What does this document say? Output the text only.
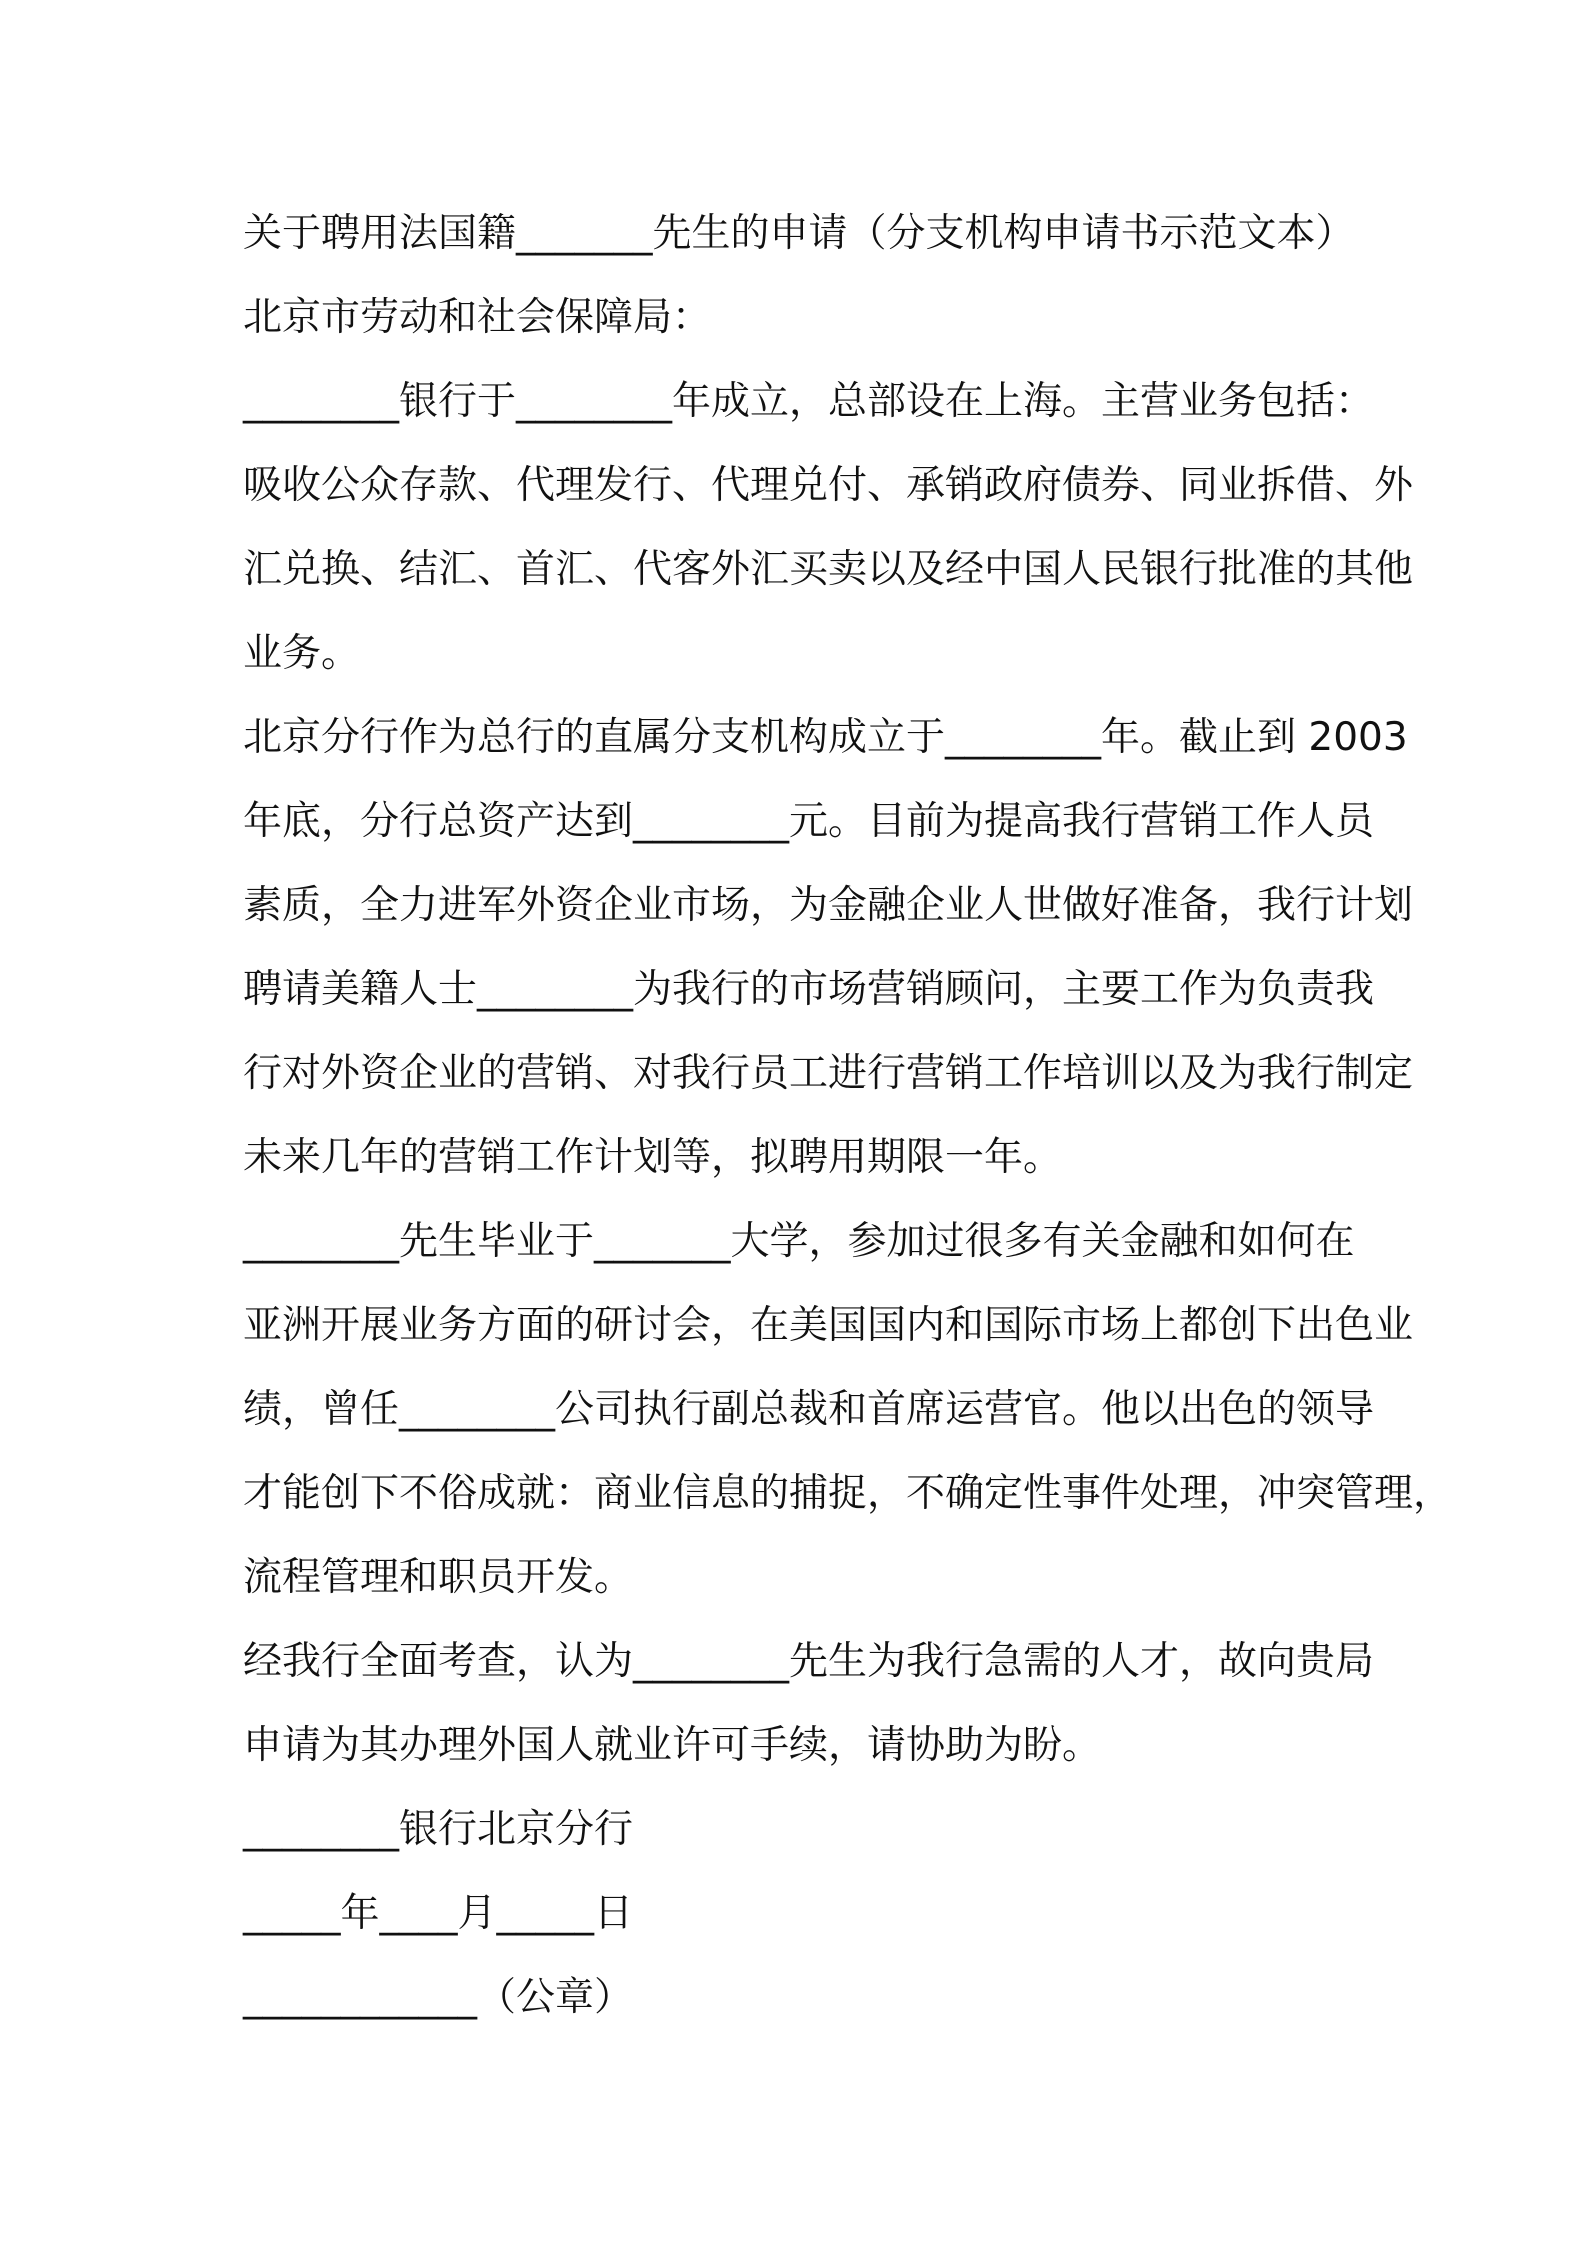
关于聘用法国籍_______先生的申请（分支机构申请书示范文本）
北京市劳动和社会保障局：
________银行于________年成立，总部设在上海。主营业务包括：
吸收公众存款、代理发行、代理兑付、承销政府债券、同业拆借、外
汇兑换、结汇、首汇、代客外汇买卖以及经中国人民银行批准的其他
业务。
北京分行作为总行的直属分支机构成立于________年。截止到 2003
年底，分行总资产达到________元。目前为提高我行营销工作人员
素质，全力进军外资企业市场，为金融企业人世做好准备，我行计划
聘请美籍人士________为我行的市场营销顾问，主要工作为负责我
行对外资企业的营销、对我行员工进行营销工作培训以及为我行制定
未来几年的营销工作计划等，拟聘用期限一年。
________先生毕业于_______大学，参加过很多有关金融和如何在
亚洲开展业务方面的研讨会，在美国国内和国际市场上都创下出色业
绩，曾任________公司执行副总裁和首席运营官。他以出色的领导
才能创下不俗成就：商业信息的捕捉，不确定性事件处理，冲突管理，
流程管理和职员开发。
经我行全面考查，认为________先生为我行急需的人才，故向贵局
申请为其办理外国人就业许可手续，请协助为盼。
________银行北京分行
_____年____月_____日
____________（公章）
